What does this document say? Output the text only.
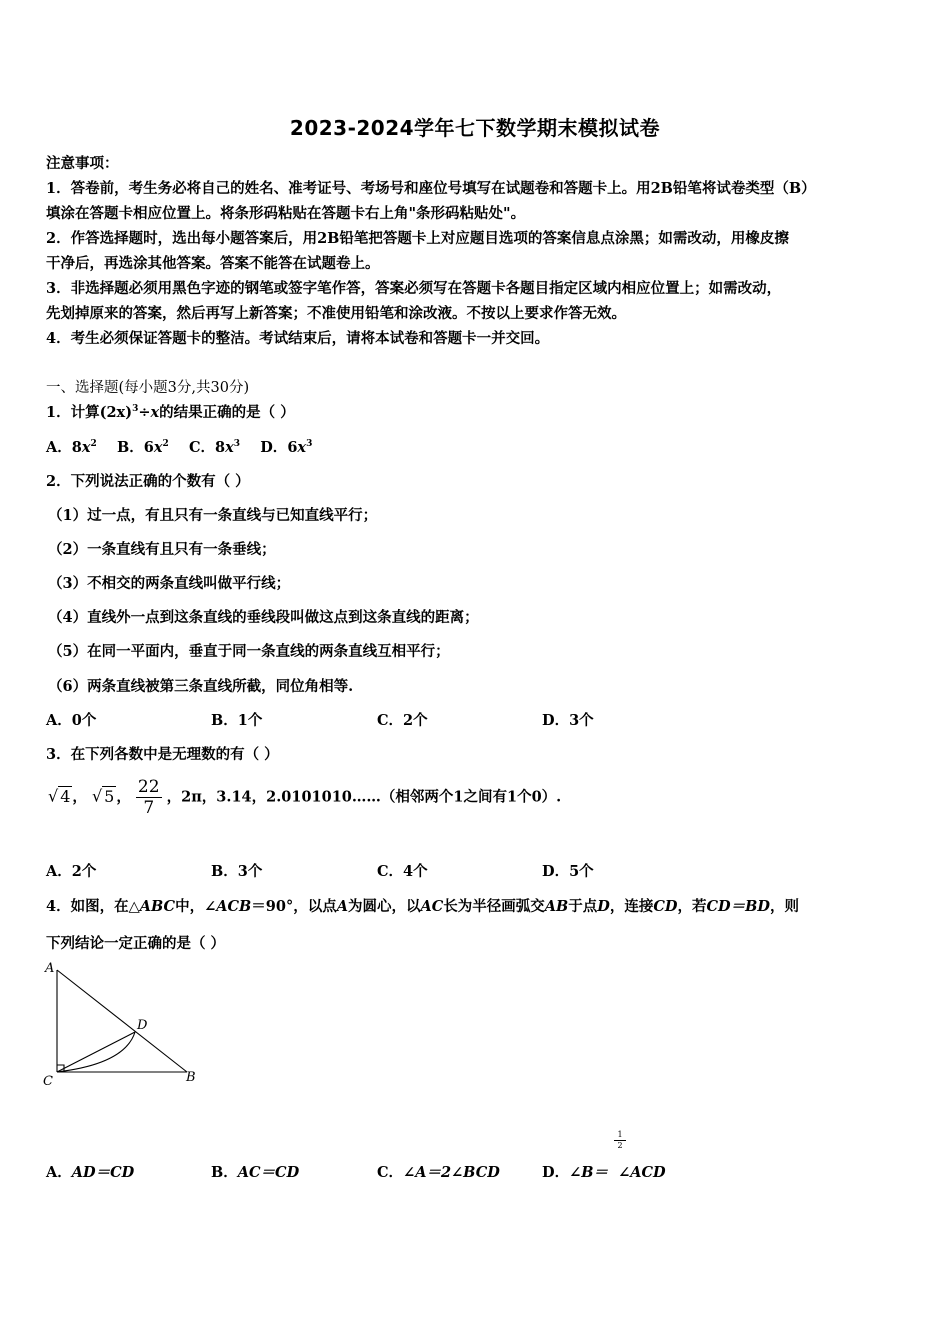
2023-2024学年七下数学期末模拟试卷
注意事项：
1．答卷前，考生务必将自己的姓名、准考证号、考场号和座位号填写在试题卷和答题卡上。用2B铅笔将试卷类型（B）
填涂在答题卡相应位置上。将条形码粘贴在答题卡右上角"条形码粘贴处"。
2．作答选择题时，选出每小题答案后，用2B铅笔把答题卡上对应题目选项的答案信息点涂黑；如需改动，用橡皮擦
干净后，再选涂其他答案。答案不能答在试题卷上。
3．非选择题必须用黑色字迹的钢笔或签字笔作答，答案必须写在答题卡各题目指定区域内相应位置上；如需改动，
先划掉原来的答案，然后再写上新答案；不准使用铅笔和涂改液。不按以上要求作答无效。
4．考生必须保证答题卡的整洁。考试结束后，请将本试卷和答题卡一并交回。
一、选择题(每小题3分,共30分)
1．计算$(2x)^3\div x$的结果正确的是（ ）
A．$8x^2$ B．$6x^2$ C．$8x^3$ D．$6x^3$
2．下列说法正确的个数有（ ）
（1）过一点，有且只有一条直线与已知直线平行；
（2）一条直线有且只有一条垂线；
（3）不相交的两条直线叫做平行线；
（4）直线外一点到这条直线的垂线段叫做这点到这条直线的距离；
（5）在同一平面内，垂直于同一条直线的两条直线互相平行；
（6）两条直线被第三条直线所截，同位角相等.
A．0个	B．1个	C．2个	D．3个
3．在下列各数中是无理数的有（ ）
√ 4 ， √ 5 ， $\frac{22}{7}$ ，2π，3.14，2.0101010……（相邻两个1之间有1个0）.
A．2个	B．3个	C．4个	D．5个
4．如图，在△ABC中，∠ACB＝90°，以点A为圆心，以AC长为半径画弧交AB于点D，连接CD，若CD＝BD，则
下列结论一定正确的是（ ）
A
D
C	B
A．AD＝CD	B．AC＝CD	C．∠A＝2∠BCD	D．∠B＝ ∠ACD
$\frac{1}{2}$
